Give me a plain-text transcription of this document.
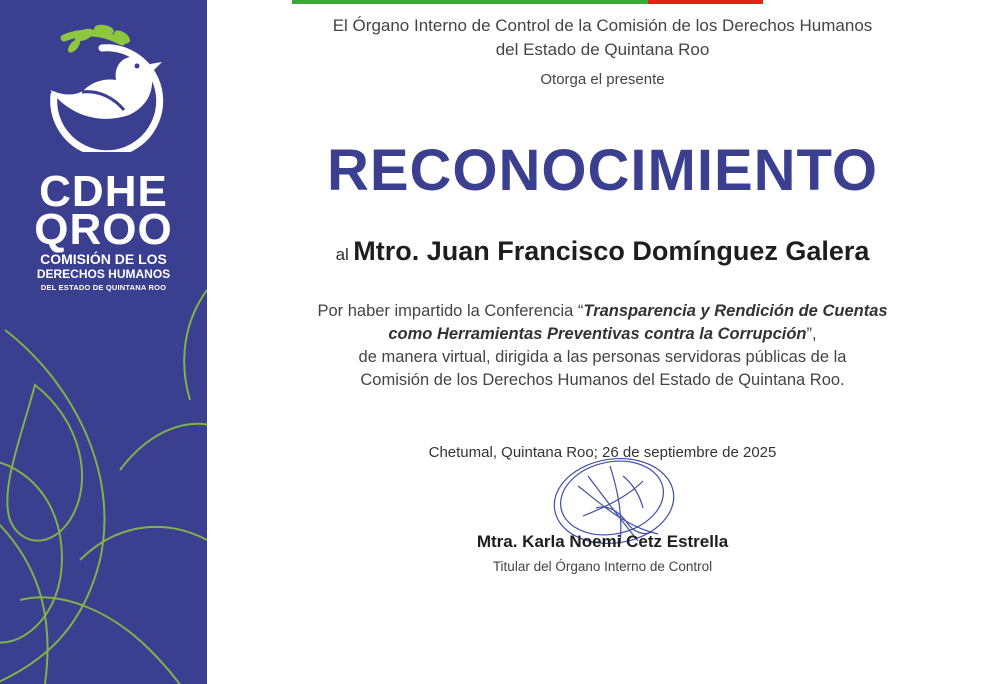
CDHE
QROO
COMISIÓN DE LOS
DERECHOS HUMANOS
DEL ESTADO DE QUINTANA ROO
El Órgano Interno de Control de la Comisión de los Derechos Humanos
del Estado de Quintana Roo
Otorga el presente
RECONOCIMIENTO
al Mtro. Juan Francisco Domínguez Galera
Por haber impartido la Conferencia “Transparencia y Rendición de Cuentas
como Herramientas Preventivas contra la Corrupción”,
de manera virtual, dirigida a las personas servidoras públicas de la
Comisión de los Derechos Humanos del Estado de Quintana Roo.
Chetumal, Quintana Roo; 26 de septiembre de 2025
Mtra. Karla Noemi Cetz Estrella
Titular del Órgano Interno de Control
